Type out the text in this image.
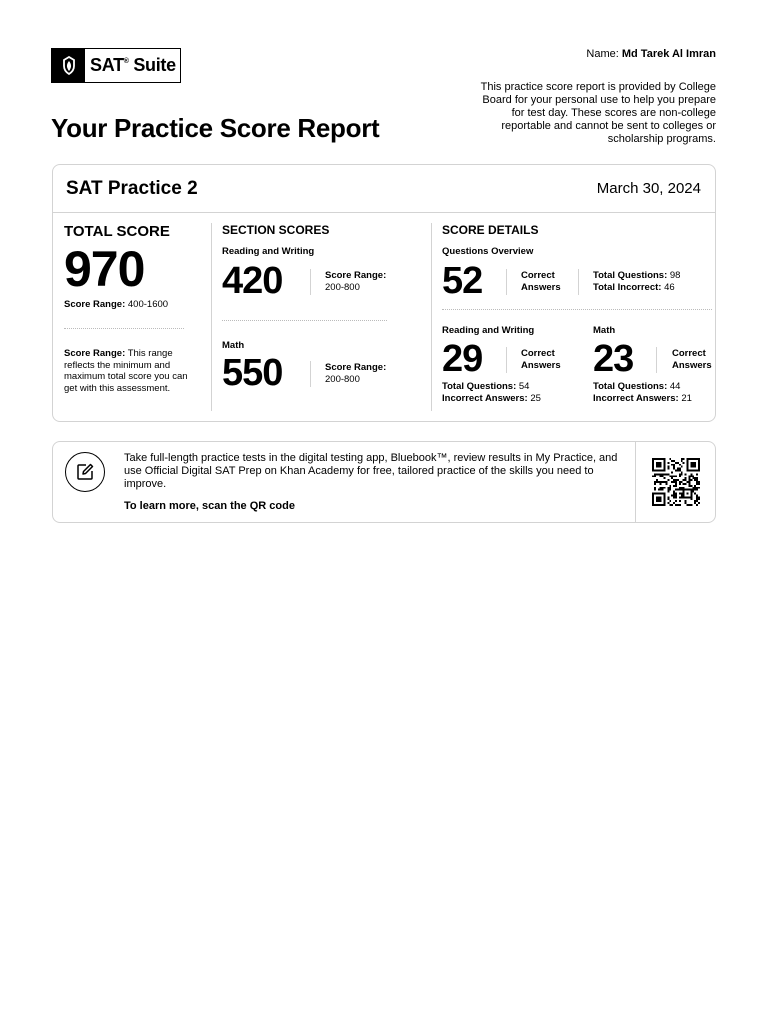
SAT®
Suite
Name: Md Tarek Al Imran
This practice score report is provided by College Board for your personal use to help you prepare for test day. These scores are non-college reportable and cannot be sent to colleges or scholarship programs.
Your Practice Score Report
SAT Practice 2	March 30, 2024
TOTAL SCORE
970
Score Range: 400-1600
Score Range: This range reflects the minimum and maximum total score you can get with this assessment.
SECTION SCORES
Reading and Writing
420	Score Range:
200-800
Math
550	Score Range:
200-800
SCORE DETAILS
Questions Overview
52	Correct
Answers
Total Questions: 98
Total Incorrect: 46
Reading and Writing
29	Correct
Answers
Total Questions: 54
Incorrect Answers: 25
Math
23	Correct
Answers
Total Questions: 44
Incorrect Answers: 21
Take full-length practice tests in the digital testing app, Bluebook™, review results in My Practice, and use Official Digital SAT Prep on Khan Academy for free, tailored practice of the skills you need to improve.
To learn more, scan the QR code
